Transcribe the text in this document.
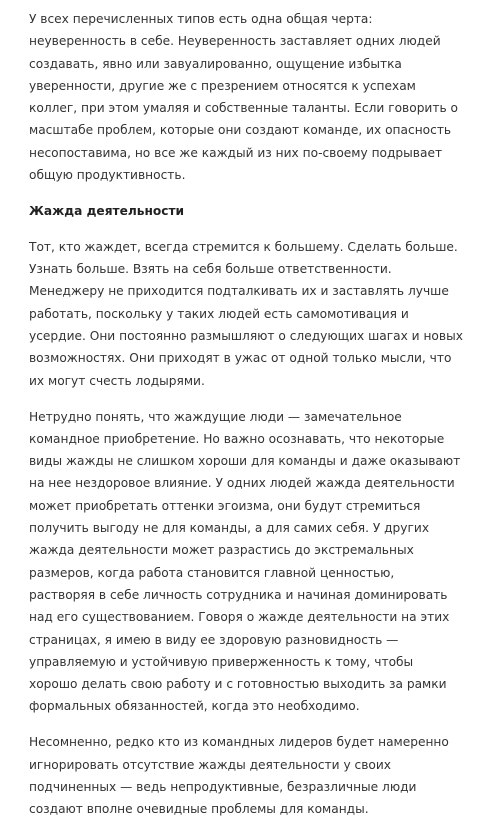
У всех перечисленных типов есть одна общая черта: неуверенность в себе. Неуверенность заставляет одних людей создавать, явно или завуалированно, ощущение избытка уверенности, другие же с презрением относятся к успехам коллег, при этом умаляя и собственные таланты. Если говорить о масштабе проблем, которые они создают команде, их опасность несопоставима, но все же каждый из них по-своему подрывает общую продуктивность.

Жажда деятельности

Тот, кто жаждет, всегда стремится к большему. Сделать больше. Узнать больше. Взять на себя больше ответственности. Менеджеру не приходится подталкивать их и заставлять лучше работать, поскольку у таких людей есть самомотивация и усердие. Они постоянно размышляют о следующих шагах и новых возможностях. Они приходят в ужас от одной только мысли, что их могут счесть лодырями.

Нетрудно понять, что жаждущие люди — замечательное командное приобретение. Но важно осознавать, что некоторые виды жажды не слишком хороши для команды и даже оказывают на нее нездоровое влияние. У одних людей жажда деятельности может приобретать оттенки эгоизма, они будут стремиться получить выгоду не для команды, а для самих себя. У других жажда деятельности может разрастись до экстремальных размеров, когда работа становится главной ценностью, растворяя в себе личность сотрудника и начиная доминировать над его существованием. Говоря о жажде деятельности на этих страницах, я имею в виду ее здоровую разновидность — управляемую и устойчивую приверженность к тому, чтобы хорошо делать свою работу и с готовностью выходить за рамки формальных обязанностей, когда это необходимо.

Несомненно, редко кто из командных лидеров будет намеренно игнорировать отсутствие жажды деятельности у своих подчиненных — ведь непродуктивные, безразличные люди создают вполне очевидные проблемы для команды.
